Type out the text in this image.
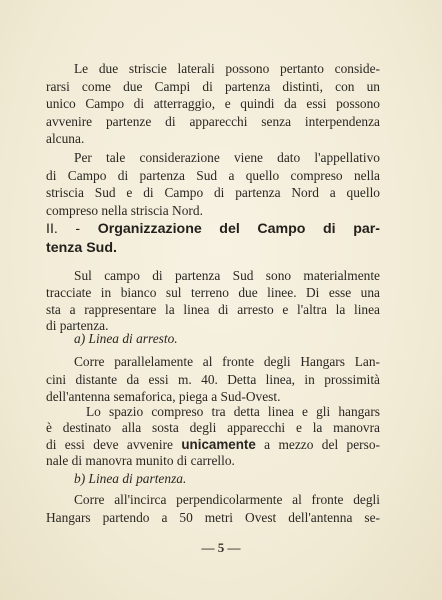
Le due striscie laterali possono pertanto conside-
rarsi come due Campi di partenza distinti, con un
unico Campo di atterraggio, e quindi da essi possono
avvenire partenze di apparecchi senza interpendenza
alcuna.
Per tale considerazione viene dato l'appellativo
di Campo di partenza Sud a quello compreso nella
striscia Sud e di Campo di partenza Nord a quello
compreso nella striscia Nord.
II. - Organizzazione del Campo di par-
tenza Sud.
Sul campo di partenza Sud sono materialmente
tracciate in bianco sul terreno due linee. Di esse una
sta a rappresentare la linea di arresto e l'altra la linea
di partenza.
a) Linea di arresto.
Corre parallelamente al fronte degli Hangars Lan-
cini distante da essi m. 40. Detta linea, in prossimità
dell'antenna semaforica, piega a Sud-Ovest.
Lo spazio compreso tra detta linea e gli hangars
è destinato alla sosta degli apparecchi e la manovra
di essi deve avvenire unicamente a mezzo del perso-
nale di manovra munito di carrello.
b) Linea di partenza.
Corre all'incirca perpendicolarmente al fronte degli
Hangars partendo a 50 metri Ovest dell'antenna se-
— 5 —
